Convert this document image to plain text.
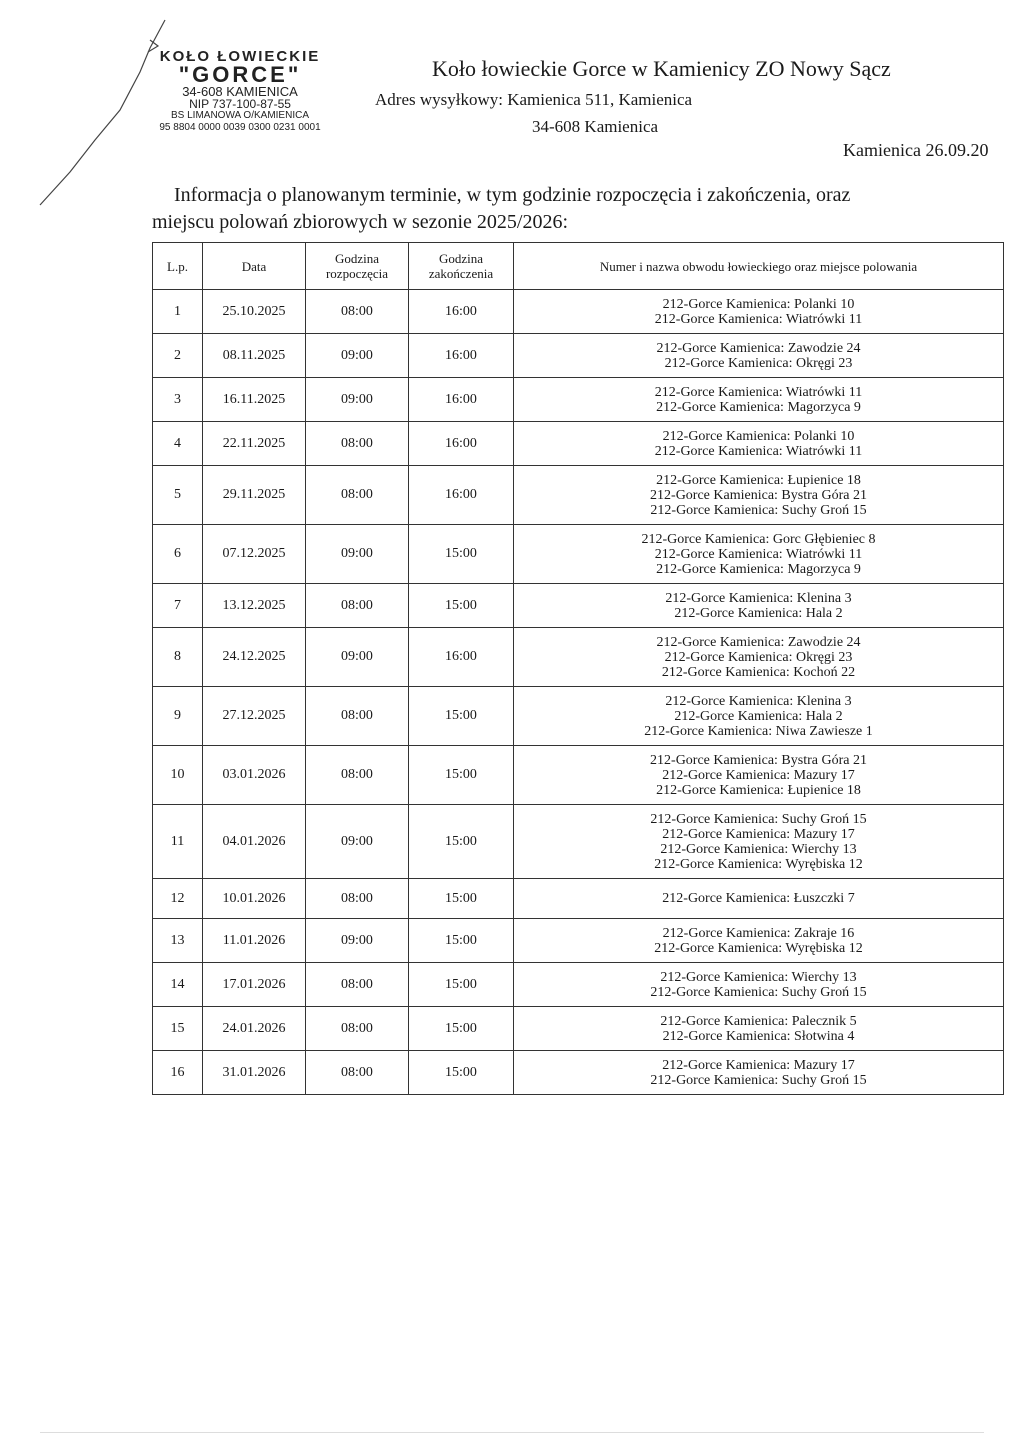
KOŁO ŁOWIECKIE
"GORCE"
34-608 KAMIENICA
NIP 737-100-87-55
BS LIMANOWA O/KAMIENICA
95 8804 0000 0039 0300 0231 0001
Koło łowieckie Gorce w Kamienicy ZO Nowy Sącz
Adres wysyłkowy: Kamienica 511, Kamienica
34-608 Kamienica
Kamienica 26.09.20
Informacja o planowanym terminie, w tym godzinie rozpoczęcia i zakończenia, oraz
miejscu polowań zbiorowych w sezonie 2025/2026:
L.p.	Data	Godzina rozpoczęcia	Godzina zakończenia	Numer i nazwa obwodu łowieckiego oraz miejsce polowania
1	25.10.2025	08:00	16:00	212-Gorce Kamienica: Polanki 10
212-Gorce Kamienica: Wiatrówki 11

2	08.11.2025	09:00	16:00	212-Gorce Kamienica: Zawodzie 24
212-Gorce Kamienica: Okręgi 23

3	16.11.2025	09:00	16:00	212-Gorce Kamienica: Wiatrówki 11
212-Gorce Kamienica: Magorzyca 9

4	22.11.2025	08:00	16:00	212-Gorce Kamienica: Polanki 10
212-Gorce Kamienica: Wiatrówki 11

5	29.11.2025	08:00	16:00	212-Gorce Kamienica: Łupienice 18
212-Gorce Kamienica: Bystra Góra 21
212-Gorce Kamienica: Suchy Groń 15

6	07.12.2025	09:00	15:00	212-Gorce Kamienica: Gorc Głębieniec 8
212-Gorce Kamienica: Wiatrówki 11
212-Gorce Kamienica: Magorzyca 9

7	13.12.2025	08:00	15:00	212-Gorce Kamienica: Klenina 3
212-Gorce Kamienica: Hala 2

8	24.12.2025	09:00	16:00	212-Gorce Kamienica: Zawodzie 24
212-Gorce Kamienica: Okręgi 23
212-Gorce Kamienica: Kochoń 22

9	27.12.2025	08:00	15:00	212-Gorce Kamienica: Klenina 3
212-Gorce Kamienica: Hala 2
212-Gorce Kamienica: Niwa Zawiesze 1

10	03.01.2026	08:00	15:00	212-Gorce Kamienica: Bystra Góra 21
212-Gorce Kamienica: Mazury 17
212-Gorce Kamienica: Łupienice 18

11	04.01.2026	09:00	15:00	212-Gorce Kamienica: Suchy Groń 15
212-Gorce Kamienica: Mazury 17
212-Gorce Kamienica: Wierchy 13
212-Gorce Kamienica: Wyrębiska 12

12	10.01.2026	08:00	15:00	212-Gorce Kamienica: Łuszczki 7

13	11.01.2026	09:00	15:00	212-Gorce Kamienica: Zakraje 16
212-Gorce Kamienica: Wyrębiska 12

14	17.01.2026	08:00	15:00	212-Gorce Kamienica: Wierchy 13
212-Gorce Kamienica: Suchy Groń 15

15	24.01.2026	08:00	15:00	212-Gorce Kamienica: Palecznik 5
212-Gorce Kamienica: Słotwina 4

16	31.01.2026	08:00	15:00	212-Gorce Kamienica: Mazury 17
212-Gorce Kamienica: Suchy Groń 15
